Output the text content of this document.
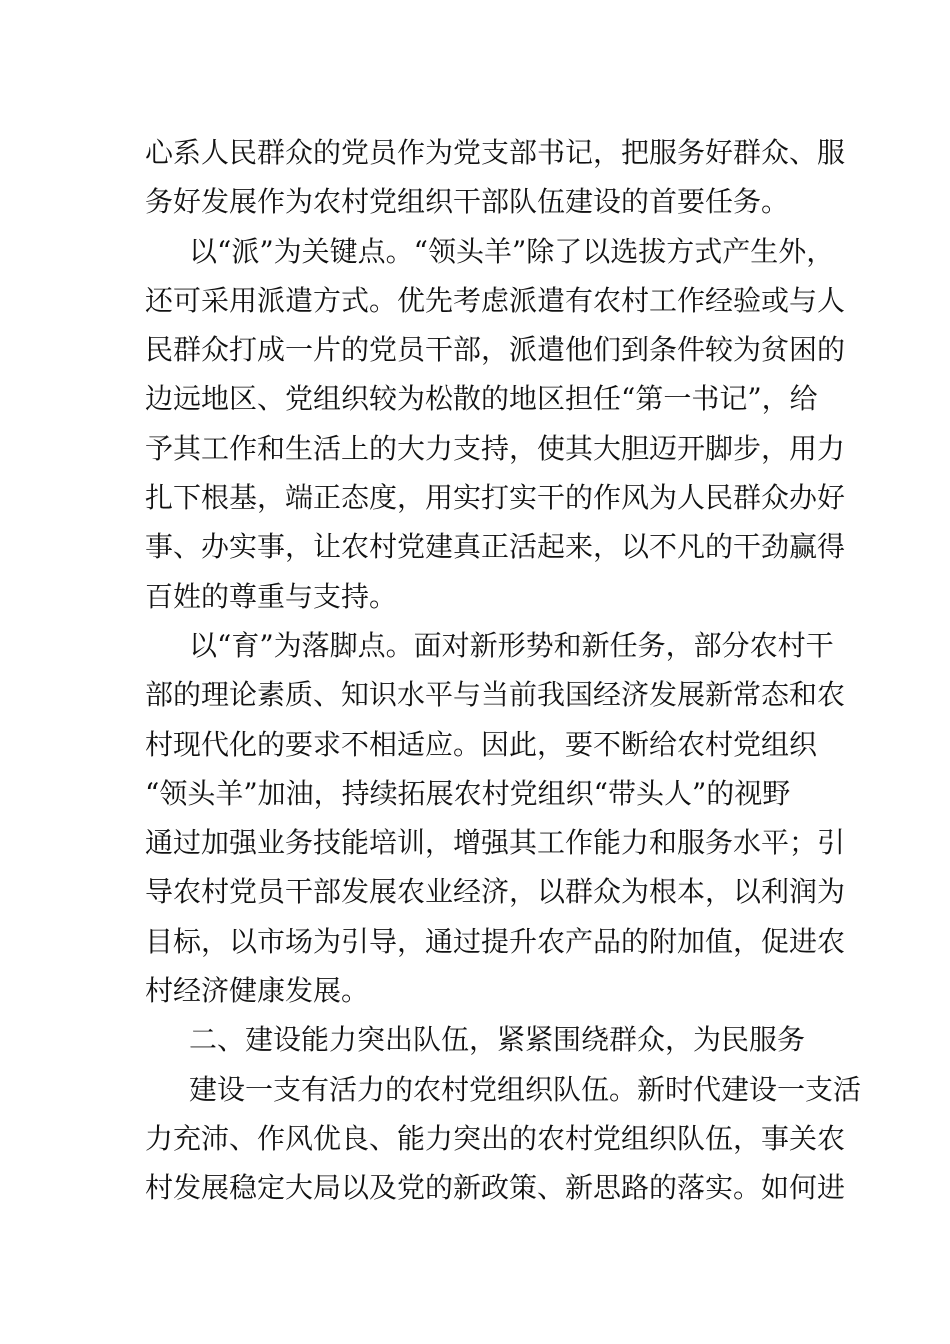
心系人民群众的党员作为党支部书记，把服务好群众、服
务好发展作为农村党组织干部队伍建设的首要任务。
以“派”为关键点。“领头羊”除了以选拔方式产生外，
还可采用派遣方式。优先考虑派遣有农村工作经验或与人
民群众打成一片的党员干部，派遣他们到条件较为贫困的
边远地区、党组织较为松散的地区担任“第一书记”，给
予其工作和生活上的大力支持，使其大胆迈开脚步，用力
扎下根基，端正态度，用实打实干的作风为人民群众办好
事、办实事，让农村党建真正活起来，以不凡的干劲赢得
百姓的尊重与支持。
以“育”为落脚点。面对新形势和新任务，部分农村干
部的理论素质、知识水平与当前我国经济发展新常态和农
村现代化的要求不相适应。因此，要不断给农村党组织
“领头羊”加油，持续拓展农村党组织“带头人”的视野
通过加强业务技能培训，增强其工作能力和服务水平；引
导农村党员干部发展农业经济，以群众为根本，以利润为
目标，以市场为引导，通过提升农产品的附加值，促进农
村经济健康发展。
二、建设能力突出队伍，紧紧围绕群众，为民服务
建设一支有活力的农村党组织队伍。新时代建设一支活
力充沛、作风优良、能力突出的农村党组织队伍，事关农
村发展稳定大局以及党的新政策、新思路的落实。如何进
